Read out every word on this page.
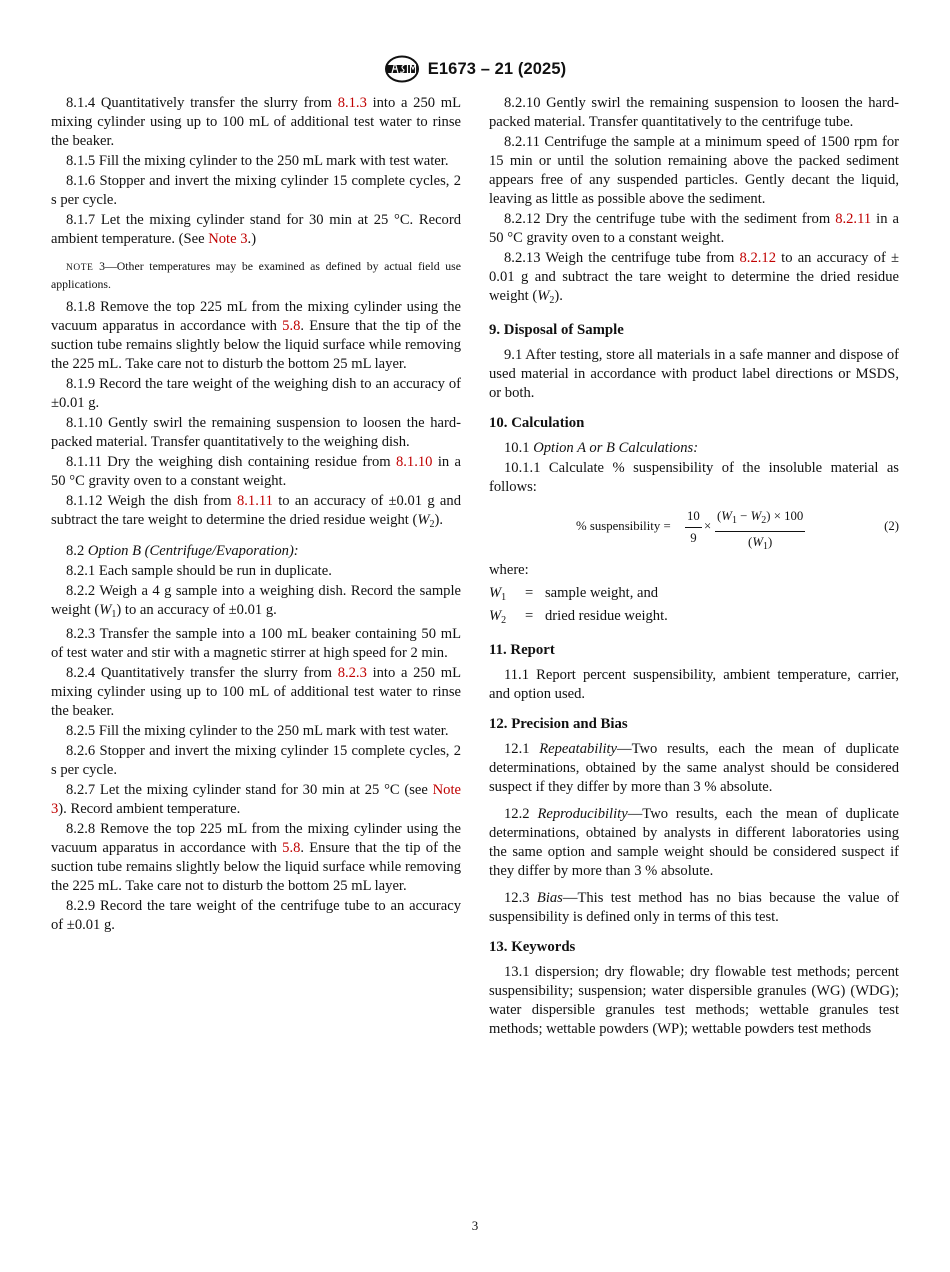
E1673 – 21 (2025)

8.1.4 Quantitatively transfer the slurry from 8.1.3 into a 250 mL mixing cylinder using up to 100 mL of additional test water to rinse the beaker.

8.1.5 Fill the mixing cylinder to the 250 mL mark with test water.

8.1.6 Stopper and invert the mixing cylinder 15 complete cycles, 2 s per cycle.

8.1.7 Let the mixing cylinder stand for 30 min at 25 °C. Record ambient temperature. (See Note 3.)

NOTE 3—Other temperatures may be examined as defined by actual field use applications.

8.1.8 Remove the top 225 mL from the mixing cylinder using the vacuum apparatus in accordance with 5.8. Ensure that the tip of the suction tube remains slightly below the liquid surface while removing the 225 mL. Take care not to disturb the bottom 25 mL layer.

8.1.9 Record the tare weight of the weighing dish to an accuracy of ±0.01 g.

8.1.10 Gently swirl the remaining suspension to loosen the hard-packed material. Transfer quantitatively to the weighing dish.

8.1.11 Dry the weighing dish containing residue from 8.1.10 in a 50 °C gravity oven to a constant weight.

8.1.12 Weigh the dish from 8.1.11 to an accuracy of ±0.01 g and subtract the tare weight to determine the dried residue weight $(W_2)$.

8.2 Option B (Centrifuge/Evaporation):

8.2.1 Each sample should be run in duplicate.

8.2.2 Weigh a 4 g sample into a weighing dish. Record the sample weight $(W_1)$ to an accuracy of ±0.01 g.

8.2.3 Transfer the sample into a 100 mL beaker containing 50 mL of test water and stir with a magnetic stirrer at high speed for 2 min.

8.2.4 Quantitatively transfer the slurry from 8.2.3 into a 250 mL mixing cylinder using up to 100 mL of additional test water to rinse the beaker.

8.2.5 Fill the mixing cylinder to the 250 mL mark with test water.

8.2.6 Stopper and invert the mixing cylinder 15 complete cycles, 2 s per cycle.

8.2.7 Let the mixing cylinder stand for 30 min at 25 °C (see Note 3). Record ambient temperature.

8.2.8 Remove the top 225 mL from the mixing cylinder using the vacuum apparatus in accordance with 5.8. Ensure that the tip of the suction tube remains slightly below the liquid surface while removing the 225 mL. Take care not to disturb the bottom 25 mL layer.

8.2.9 Record the tare weight of the centrifuge tube to an accuracy of ±0.01 g.

8.2.10 Gently swirl the remaining suspension to loosen the hard-packed material. Transfer quantitatively to the centrifuge tube.

8.2.11 Centrifuge the sample at a minimum speed of 1500 rpm for 15 min or until the solution remaining above the packed sediment appears free of any suspended particles. Gently decant the liquid, leaving as little as possible above the sediment.

8.2.12 Dry the centrifuge tube with the sediment from 8.2.11 in a 50 °C gravity oven to a constant weight.

8.2.13 Weigh the centrifuge tube from 8.2.12 to an accuracy of ± 0.01 g and subtract the tare weight to determine the dried residue weight $(W_2)$.

9. Disposal of Sample

9.1 After testing, store all materials in a safe manner and dispose of used material in accordance with product label directions or MSDS, or both.

10. Calculation

10.1 Option A or B Calculations:

10.1.1 Calculate % suspensibility of the insoluble material as follows:

% suspensibility = $\frac{10}{9} \times \frac{(W_1 - W_2) \times 100}{(W_1)}$	(2)

where:

$W_1$	= sample weight, and
$W_2$	= dried residue weight.
11. Report

11.1 Report percent suspensibility, ambient temperature, carrier, and option used.

12. Precision and Bias

12.1 Repeatability—Two results, each the mean of duplicate determinations, obtained by the same analyst should be considered suspect if they differ by more than 3 % absolute.

12.2 Reproducibility—Two results, each the mean of duplicate determinations, obtained by analysts in different laboratories using the same option and sample weight should be considered suspect if they differ by more than 3 % absolute.

12.3 Bias—This test method has no bias because the value of suspensibility is defined only in terms of this test.

13. Keywords

13.1 dispersion; dry flowable; dry flowable test methods; percent suspensibility; suspension; water dispersible granules (WG) (WDG); water dispersible granules test methods; wettable granules test methods; wettable powders (WP); wettable powders test methods

3
